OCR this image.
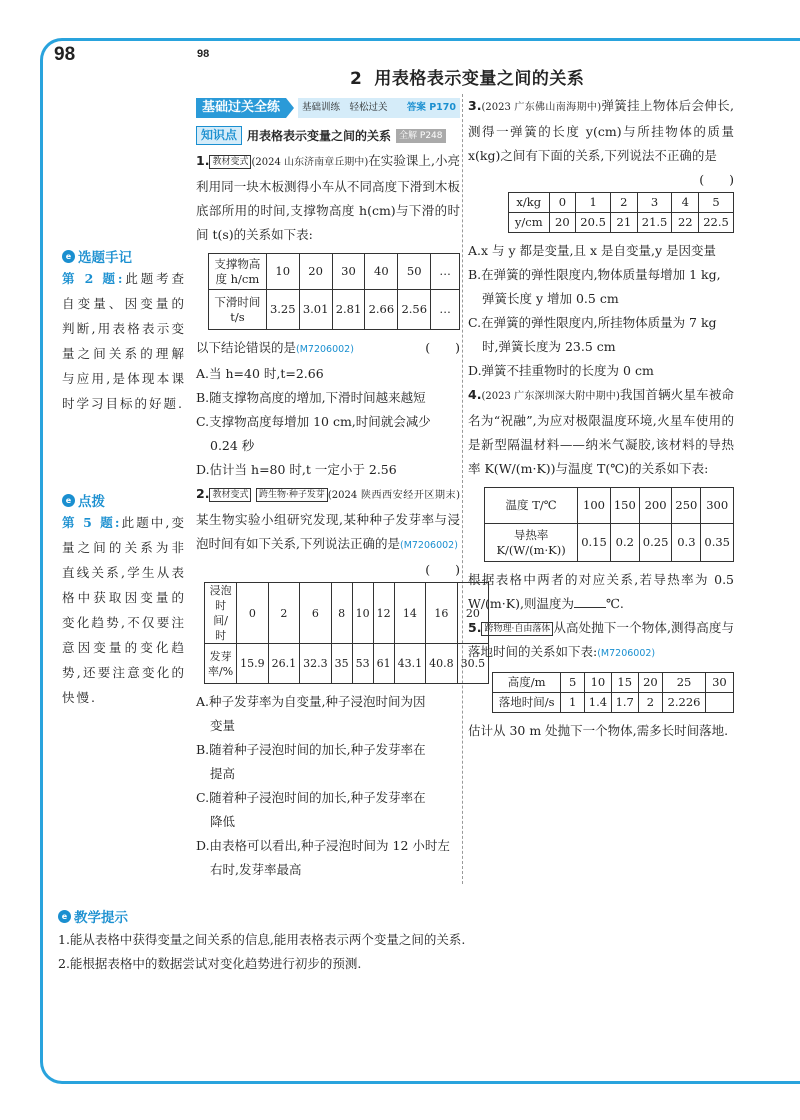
98	98
2 用表格表示变量之间的关系
e 选题手记

第 2 题:此题考查自变量、因变量的判断,用表格表示变量之间关系的理解与应用,是体现本课时学习目标的好题.

e 点拨

第 5 题:此题中,变量之间的关系为非直线关系,学生从表格中获取因变量的变化趋势,不仅要注意因变量的变化趋势,还要注意变化的快慢.

基础过关全练	基础训练　 轻松过关 答案 P170
知识点 用表格表示变量之间的关系 全解 P248

1. 教材变式 (2024 山东济南章丘期中)在实验课上,小亮利用同一块木板测得小车从不同高度下滑到木板底部所用的时间,支撑物高度 h(cm)与下滑的时间 t(s)的关系如下表:

支撑物高度 h/cm	10	20	30	40	50	…
下滑时间 t/s	3.25	3.01	2.81	2.66	2.56	…

以下结论错误的是(M7206002)	(　　)

A.当 h=40 时,t=2.66

B.随支撑物高度的增加,下滑时间越来越短

C.支撑物高度每增加 10 cm,时间就会减少

0.24 秒

D.估计当 h=80 时,t 一定小于 2.56

2. 教材变式 跨生物·种子发芽 (2024 陕西西安经开区期末)某生物实验小组研究发现,某种种子发芽率与浸泡时间有如下关系,下列说法正确的是(M7206002)
(　　)

浸泡时间/时	0	2	6	8	10	12	14	16	20
发芽率/%	15.9	26.1	32.3	35	53	61	43.1	40.8	30.5

A.种子发芽率为自变量,种子浸泡时间为因

变量

B.随着种子浸泡时间的加长,种子发芽率在

提高

C.随着种子浸泡时间的加长,种子发芽率在

降低

D.由表格可以看出,种子浸泡时间为 12 小时左

右时,发芽率最高

3.(2023 广东佛山南海期中)弹簧挂上物体后会伸长,测得一弹簧的长度 y(cm)与所挂物体的质量 x(kg)之间有下面的关系,下列说法不正确的是
(　　)

x/kg	0	1	2	3	4	5
y/cm	20	20.5	21	21.5	22	22.5

A.x 与 y 都是变量,且 x 是自变量,y 是因变量

B.在弹簧的弹性限度内,物体质量每增加 1 kg,

弹簧长度 y 增加 0.5 cm

C.在弹簧的弹性限度内,所挂物体质量为 7 kg

时,弹簧长度为 23.5 cm

D.弹簧不挂重物时的长度为 0 cm

4.(2023 广东深圳深大附中期中)我国首辆火星车被命名为“祝融”,为应对极限温度环境,火星车使用的是新型隔温材料——纳米气凝胶,该材料的导热率 K(W/(m·K))与温度 T(℃)的关系如下表:

温度 T/℃	100	150	200	250	300
导热率 K/(W/(m·K))	0.15	0.2	0.25	0.3	0.35

根据表格中两者的对应关系,若导热率为 0.5 W/(m·K),则温度为	℃.

5. 跨物理·自由落体 从高处抛下一个物体,测得高度与落地时间的关系如下表:(M7206002)

高度/m	5	10	15	20	25	30
落地时间/s	1	1.4	1.7	2	2.226	

估计从 30 m 处抛下一个物体,需多长时间落地.

e 教学提示

1.能从表格中获得变量之间关系的信息,能用表格表示两个变量之间的关系.

2.能根据表格中的数据尝试对变化趋势进行初步的预测.
